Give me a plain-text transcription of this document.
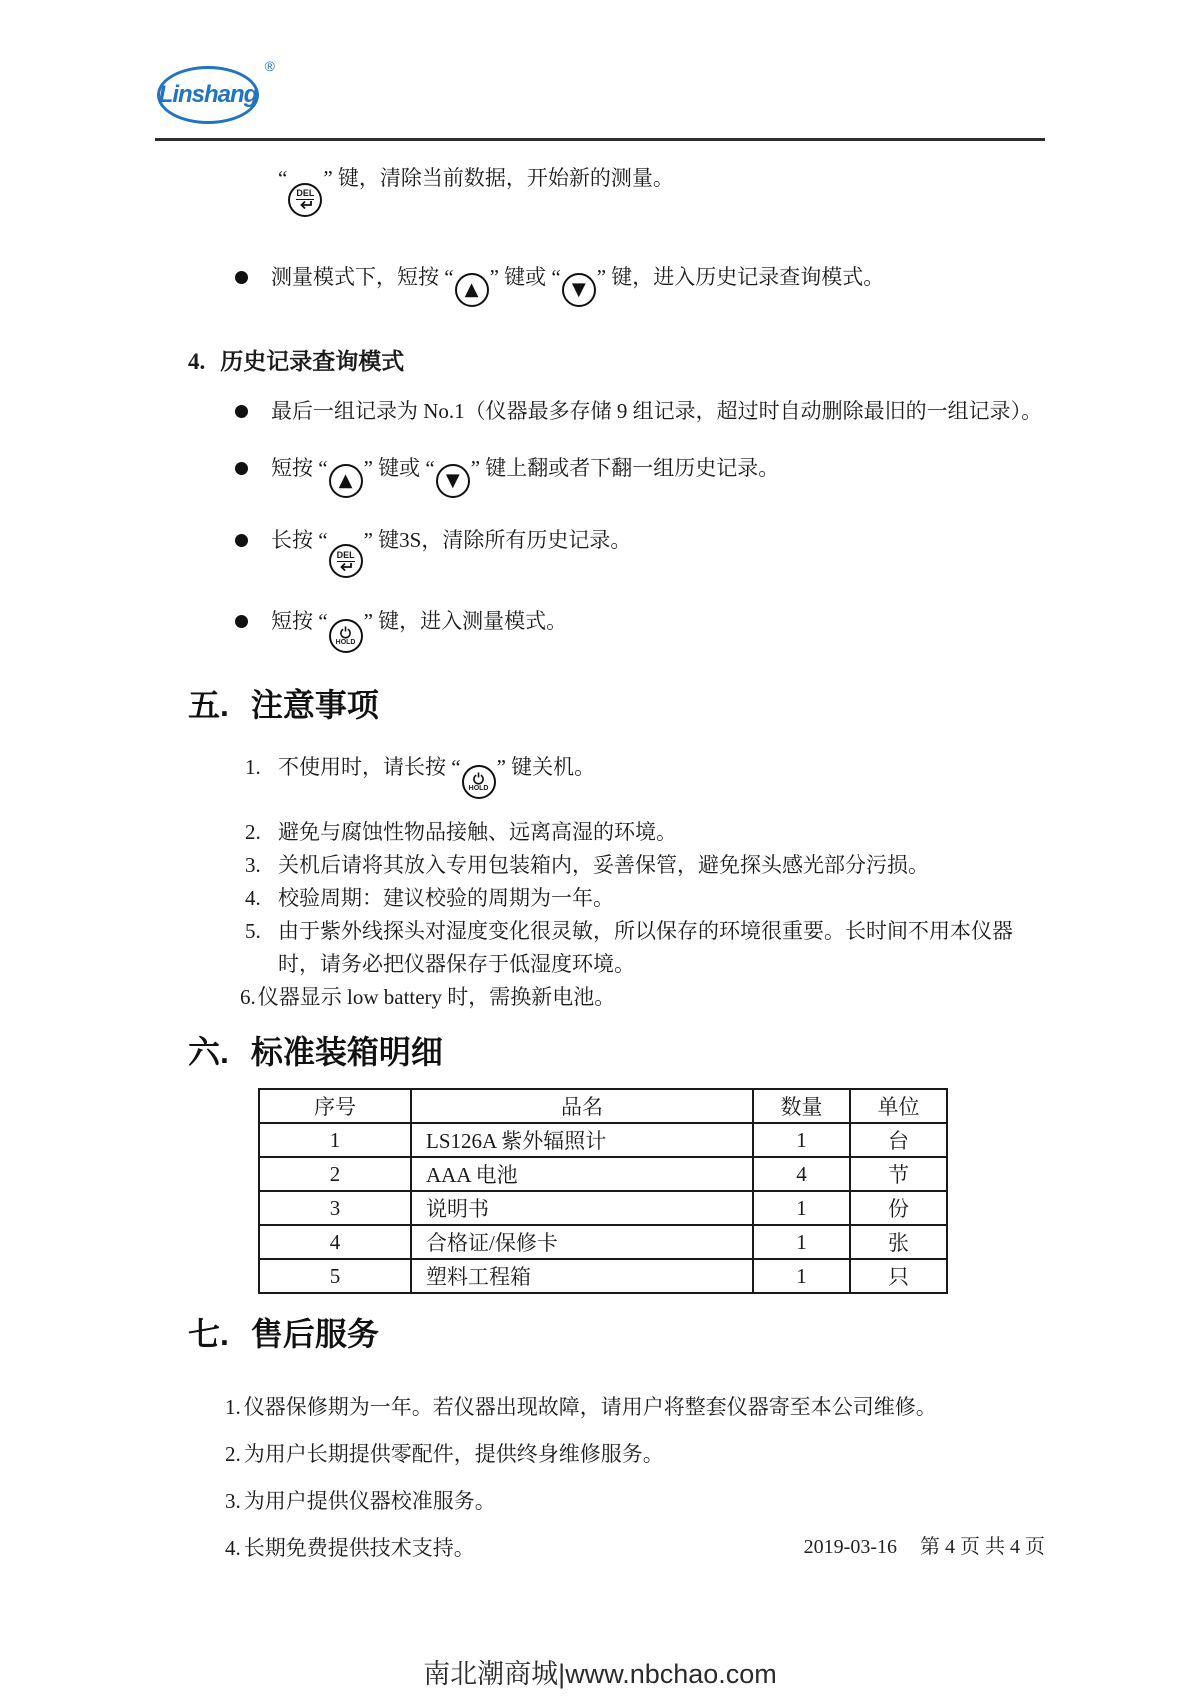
Linshang
®

“
DEL
” 键，清除当前数据，开始新的测量。

测量模式下，短按 “
▲
” 键或 “
▼
” 键，进入历史记录查询模式。
4. 历史记录查询模式
最后一组记录为 No.1（仪器最多存储 9 组记录，超过时自动删除最旧的一组记录）。
短按 “
▲
” 键或 “
▼
” 键上翻或者下翻一组历史记录。
长按 “
DEL
” 键3S，清除所有历史记录。
短按 “
HOLD
” 键，进入测量模式。
五. 注意事项
1. 不使用时，请长按 “
HOLD
” 键关机。
2. 避免与腐蚀性物品接触、远离高湿的环境。
3. 关机后请将其放入专用包装箱内，妥善保管，避免探头感光部分污损。
4. 校验周期：建议校验的周期为一年。
5. 由于紫外线探头对湿度变化很灵敏，所以保存的环境很重要。长时间不用本仪器时，请务必把仪器保存于低湿度环境。
6. 仪器显示 low battery 时，需换新电池。
六. 标准装箱明细
序号	品名	数量	单位
1	LS126A 紫外辐照计	1	台
2	AAA 电池	4	节
3	说明书	1	份
4	合格证/保修卡	1	张
5	塑料工程箱	1	只
七. 售后服务
1. 仪器保修期为一年。若仪器出现故障，请用户将整套仪器寄至本公司维修。
2. 为用户长期提供零配件，提供终身维修服务。
3. 为用户提供仪器校准服务。
4. 长期免费提供技术支持。	2019-03-16 第 4 页 共 4 页
南北潮商城|www.nbchao.com
